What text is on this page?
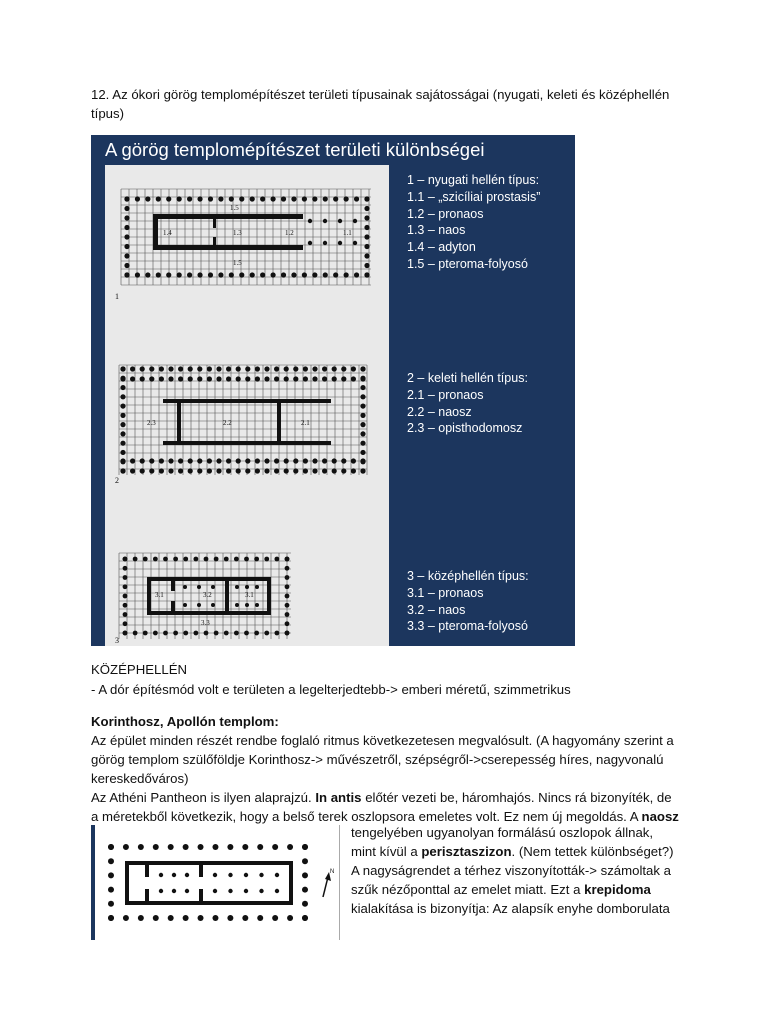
12. Az ókori görög templomépítészet területi típusainak sajátosságai (nyugati, keleti és középhellén típus)
A görög templomépítészet területi különbségei
1.5
1.4	1.3	1.2	1.1
1.5
1
2.3	2.2	2.1
2
3.1	3.2	3.1
3.3
3
1 – nyugati hellén típus:
1.1 – „szicíliai prostasis”
1.2 – pronaos
1.3 – naos
1.4 – adyton
1.5 – pteroma-folyosó
2 – keleti hellén típus:
2.1 – pronaos
2.2 – naosz
2.3 – opisthodomosz
3 – középhellén típus:
3.1 – pronaos
3.2 – naos
3.3 – pteroma-folyosó
KÖZÉPHELLÉN
- A dór építésmód volt e területen a legelterjedtebb-> emberi méretű, szimmetrikus
Korinthosz, Apollón templom:
Az épület minden részét rendbe foglaló ritmus következetesen megvalósult. (A hagyomány szerint a görög templom szülőföldje Korinthosz-> művészetről, szépségről->cserepesség híres, nagyvonalú kereskedőváros)
Az Athéni Pantheon is ilyen alaprajzú. In antis előtér vezeti be, háromhajós. Nincs rá bizonyíték, de a méretekből következik, hogy a belső terek oszlopsora emeletes volt. Ez nem új megoldás. A naosz
N
tengelyében ugyanolyan formálású oszlopok állnak,
mint kívül a perisztaszizon. (Nem tettek különbséget?)
A nagyságrendet a térhez viszonyították-> számoltak a
szűk nézőponttal az emelet miatt. Ezt a krepidoma
kialakítása is bizonyítja: Az alapsík enyhe domborulata
